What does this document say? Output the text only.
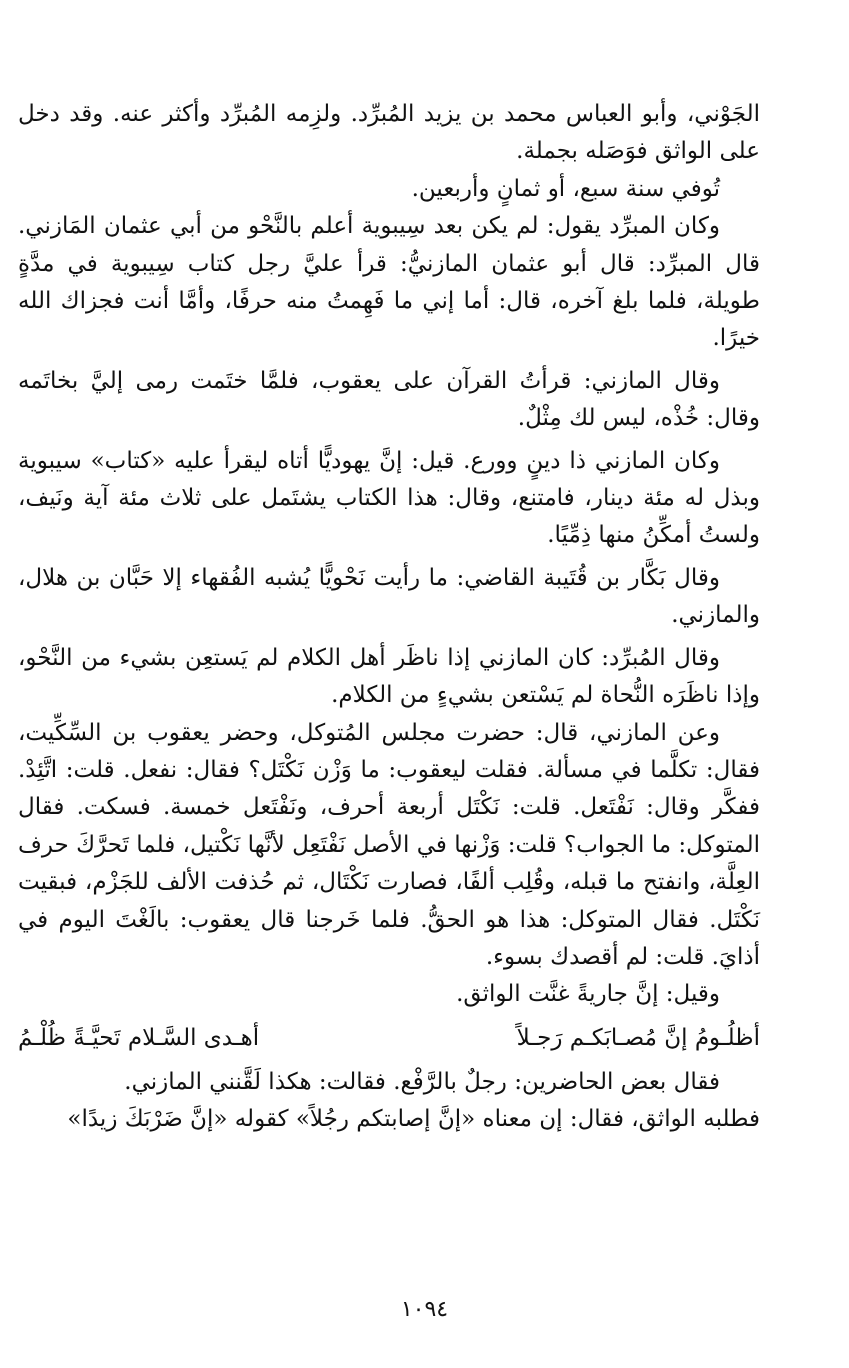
الجَوْني، وأبو العباس محمد بن يزيد المُبرِّد. ولزِمه المُبرِّد وأكثر عنه. وقد دخل على الواثق فوَصَله بجملة.

تُوفي سنة سبع، أو ثمانٍ وأربعين.

وكان المبرِّد يقول: لم يكن بعد سِيبوية أعلم بالنَّحْو من أبي عثمان المَازني. قال المبرِّد: قال أبو عثمان المازنيُّ: قرأ عليَّ رجل كتاب سِيبوية في مدَّةٍ طويلة، فلما بلغ آخره، قال: أما إني ما فَهِمتُ منه حرفًا، وأمَّا أنت فجزاك الله خيرًا.

وقال المازني: قرأتُ القرآن على يعقوب، فلمَّا ختَمت رمى إليَّ بخاتَمه وقال: خُذْه، ليس لك مِثْلٌ.

وكان المازني ذا دينٍ وورع. قيل: إنَّ يهوديًّا أتاه ليقرأ عليه «كتاب» سيبوية وبذل له مئة دينار، فامتنع، وقال: هذا الكتاب يشتَمل على ثلاث مئة آية ونَيف، ولستُ أمكِّنُ منها ذِمِّيًا.

وقال بَكَّار بن قُتَيبة القاضي: ما رأيت نَحْويًّا يُشبه الفُقهاء إلا حَبَّان بن هلال، والمازني.

وقال المُبرِّد: كان المازني إذا ناظَر أهل الكلام لم يَستعِن بشيء من النَّحْو، وإذا ناظَرَه النُّحاة لم يَسْتعن بشيءٍ من الكلام.

وعن المازني، قال: حضرت مجلس المُتوكل، وحضر يعقوب بن السِّكِّيت، فقال: تكلَّما في مسألة. فقلت ليعقوب: ما وَزْن نَكْتَل؟ فقال: نفعل. قلت: اتَّئِدْ. ففكَّر وقال: نَفْتَعل. قلت: نَكْتَل أربعة أحرف، ونَفْتَعل خمسة. فسكت. فقال المتوكل: ما الجواب؟ قلت: وَزْنها في الأصل نَفْتَعِل لأنَّها نَكْتيل، فلما تَحرَّكَ حرف العِلَّة، وانفتح ما قبله، وقُلِب ألفًا، فصارت نَكْتَال، ثم حُذفت الألف للجَزْم، فبقيت نَكْتَل. فقال المتوكل: هذا هو الحقُّ. فلما خَرجنا قال يعقوب: بالَغْتَ اليوم في أذايَ. قلت: لم أقصدك بسوء.

وقيل: إنَّ جاريةً غنَّت الواثق.

أظلُـومُ إنَّ مُصـابَكـم رَجـلاً
أهـدى السَّـلام تَحيَّـةً ظُلْـمُ

فقال بعض الحاضرين: رجلٌ بالرَّفْع. فقالت: هكذا لَقَّنني المازني.

فطلبه الواثق، فقال: إن معناه «إنَّ إصابتكم رجُلاً» كقوله «إنَّ ضَرْبَكَ زيدًا»

١٠٩٤
